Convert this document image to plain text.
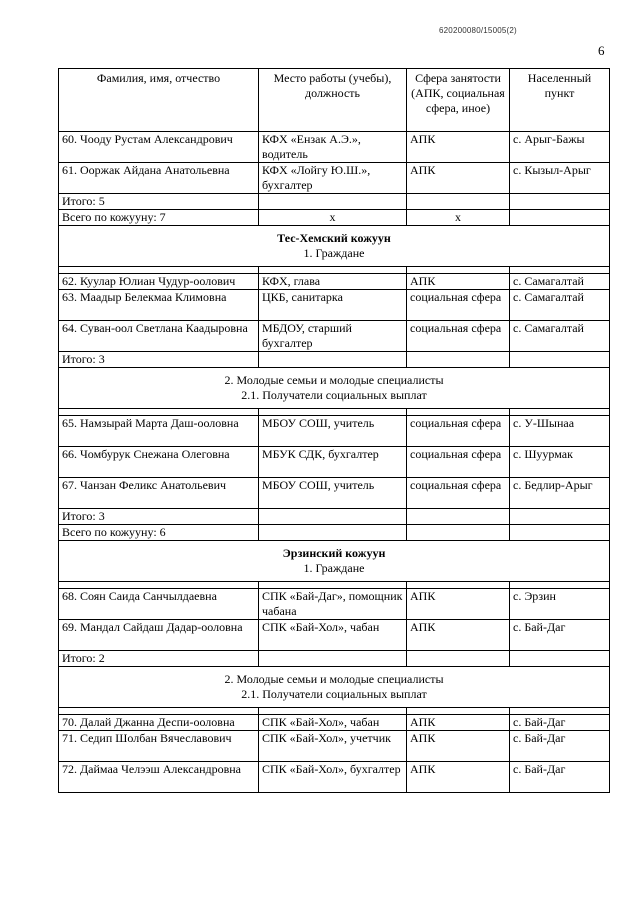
620200080/15005(2)
6
Фамилия, имя, отчество	Место работы (учебы), должность	Сфера занятости (АПК, социальная сфера, иное)	Населенный пункт
60. Чооду Рустам Александрович	КФХ «Ензак А.Э.», водитель	АПК	с. Арыг-Бажы
61. Ооржак Айдана Анатольевна	КФХ «Лойгу Ю.Ш.», бухгалтер	АПК	с. Кызыл-Арыг
Итого: 5			
Всего по кожууну: 7	х	х	

Тес-Хемский кожуун
1. Граждане			

62. Куулар Юлиан Чудур-оолович	КФХ, глава	АПК	с. Самагалтай
63. Маадыр Белекмаа Климовна	ЦКБ, санитарка	социальная сфера	с. Самагалтай
64. Суван-оол Светлана Каадыровна	МБДОУ, старший бухгалтер	социальная сфера	с. Самагалтай
Итого: 3			

2. Молодые семьи и молодые специалисты
2.1. Получатели социальных выплат			

65. Намзырай Марта Даш-ооловна	МБОУ СОШ, учитель	социальная сфера	с. У-Шынаа
66. Чомбурук Снежана Олеговна	МБУК СДК, бухгалтер	социальная сфера	с. Шуурмак
67. Чанзан Феликс Анатольевич	МБОУ СОШ, учитель	социальная сфера	с. Бедлир-Арыг
Итого: 3			
Всего по кожууну: 6			

Эрзинский кожуун
1. Граждане			

68. Соян Саида Санчылдаевна	СПК «Бай-Даг», помощник чабана	АПК	с. Эрзин
69. Мандал Сайдаш Дадар-ооловна	СПК «Бай-Хол», чабан	АПК	с. Бай-Даг
Итого: 2			

2. Молодые семьи и молодые специалисты
2.1. Получатели социальных выплат			

70. Далай Джанна Деспи-ооловна	СПК «Бай-Хол», чабан	АПК	с. Бай-Даг
71. Седип Шолбан Вячеславович	СПК «Бай-Хол», учетчик	АПК	с. Бай-Даг
72. Даймаа Челээш Александровна	СПК «Бай-Хол», бухгалтер	АПК	с. Бай-Даг
